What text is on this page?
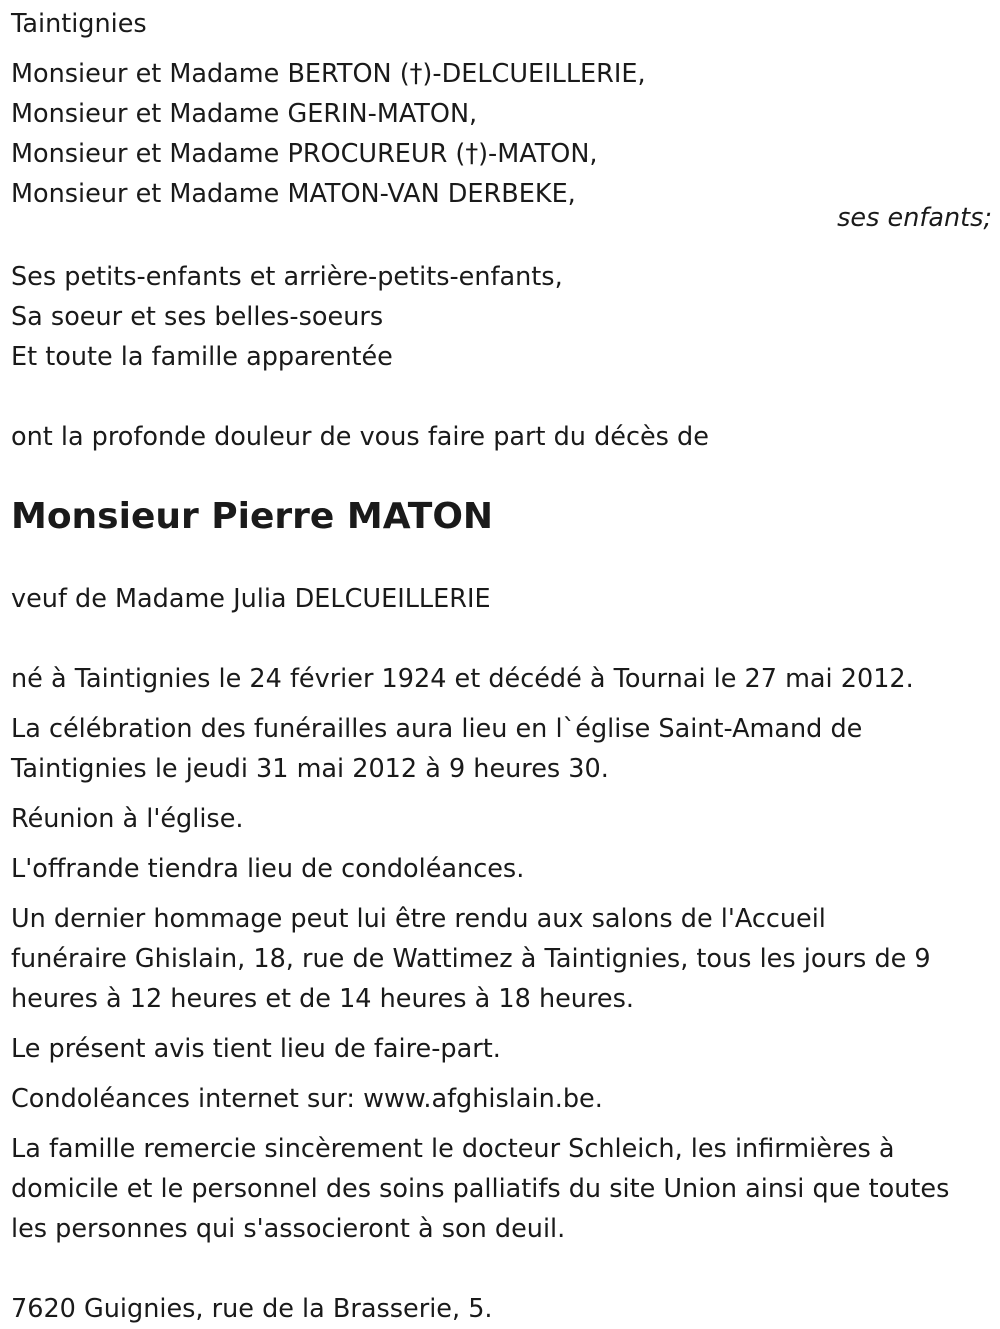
Taintignies

Monsieur et Madame BERTON (†)-DELCUEILLERIE,

Monsieur et Madame GERIN-MATON,

Monsieur et Madame PROCUREUR (†)-MATON,

Monsieur et Madame MATON-VAN DERBEKE,

Ses petits-enfants et arrière-petits-enfants,

Sa soeur et ses belles-soeurs

Et toute la famille apparentée

ont la profonde douleur de vous faire part du décès de

Monsieur Pierre MATON

veuf de Madame Julia DELCUEILLERIE

né à Taintignies le 24 février 1924 et décédé à Tournai le 27 mai 2012.

La célébration des funérailles aura lieu en l`église Saint-Amand de

Taintignies le jeudi 31 mai 2012 à 9 heures 30.

Réunion à l'église.

L'offrande tiendra lieu de condoléances.

Un dernier hommage peut lui être rendu aux salons de l'Accueil

funéraire Ghislain, 18, rue de Wattimez à Taintignies, tous les jours de 9

heures à 12 heures et de 14 heures à 18 heures.

Le présent avis tient lieu de faire-part.

Condoléances internet sur: www.afghislain.be.

La famille remercie sincèrement le docteur Schleich, les infirmières à

domicile et le personnel des soins palliatifs du site Union ainsi que toutes

les personnes qui s'associeront à son deuil.

7620 Guignies, rue de la Brasserie, 5.

ses enfants;
